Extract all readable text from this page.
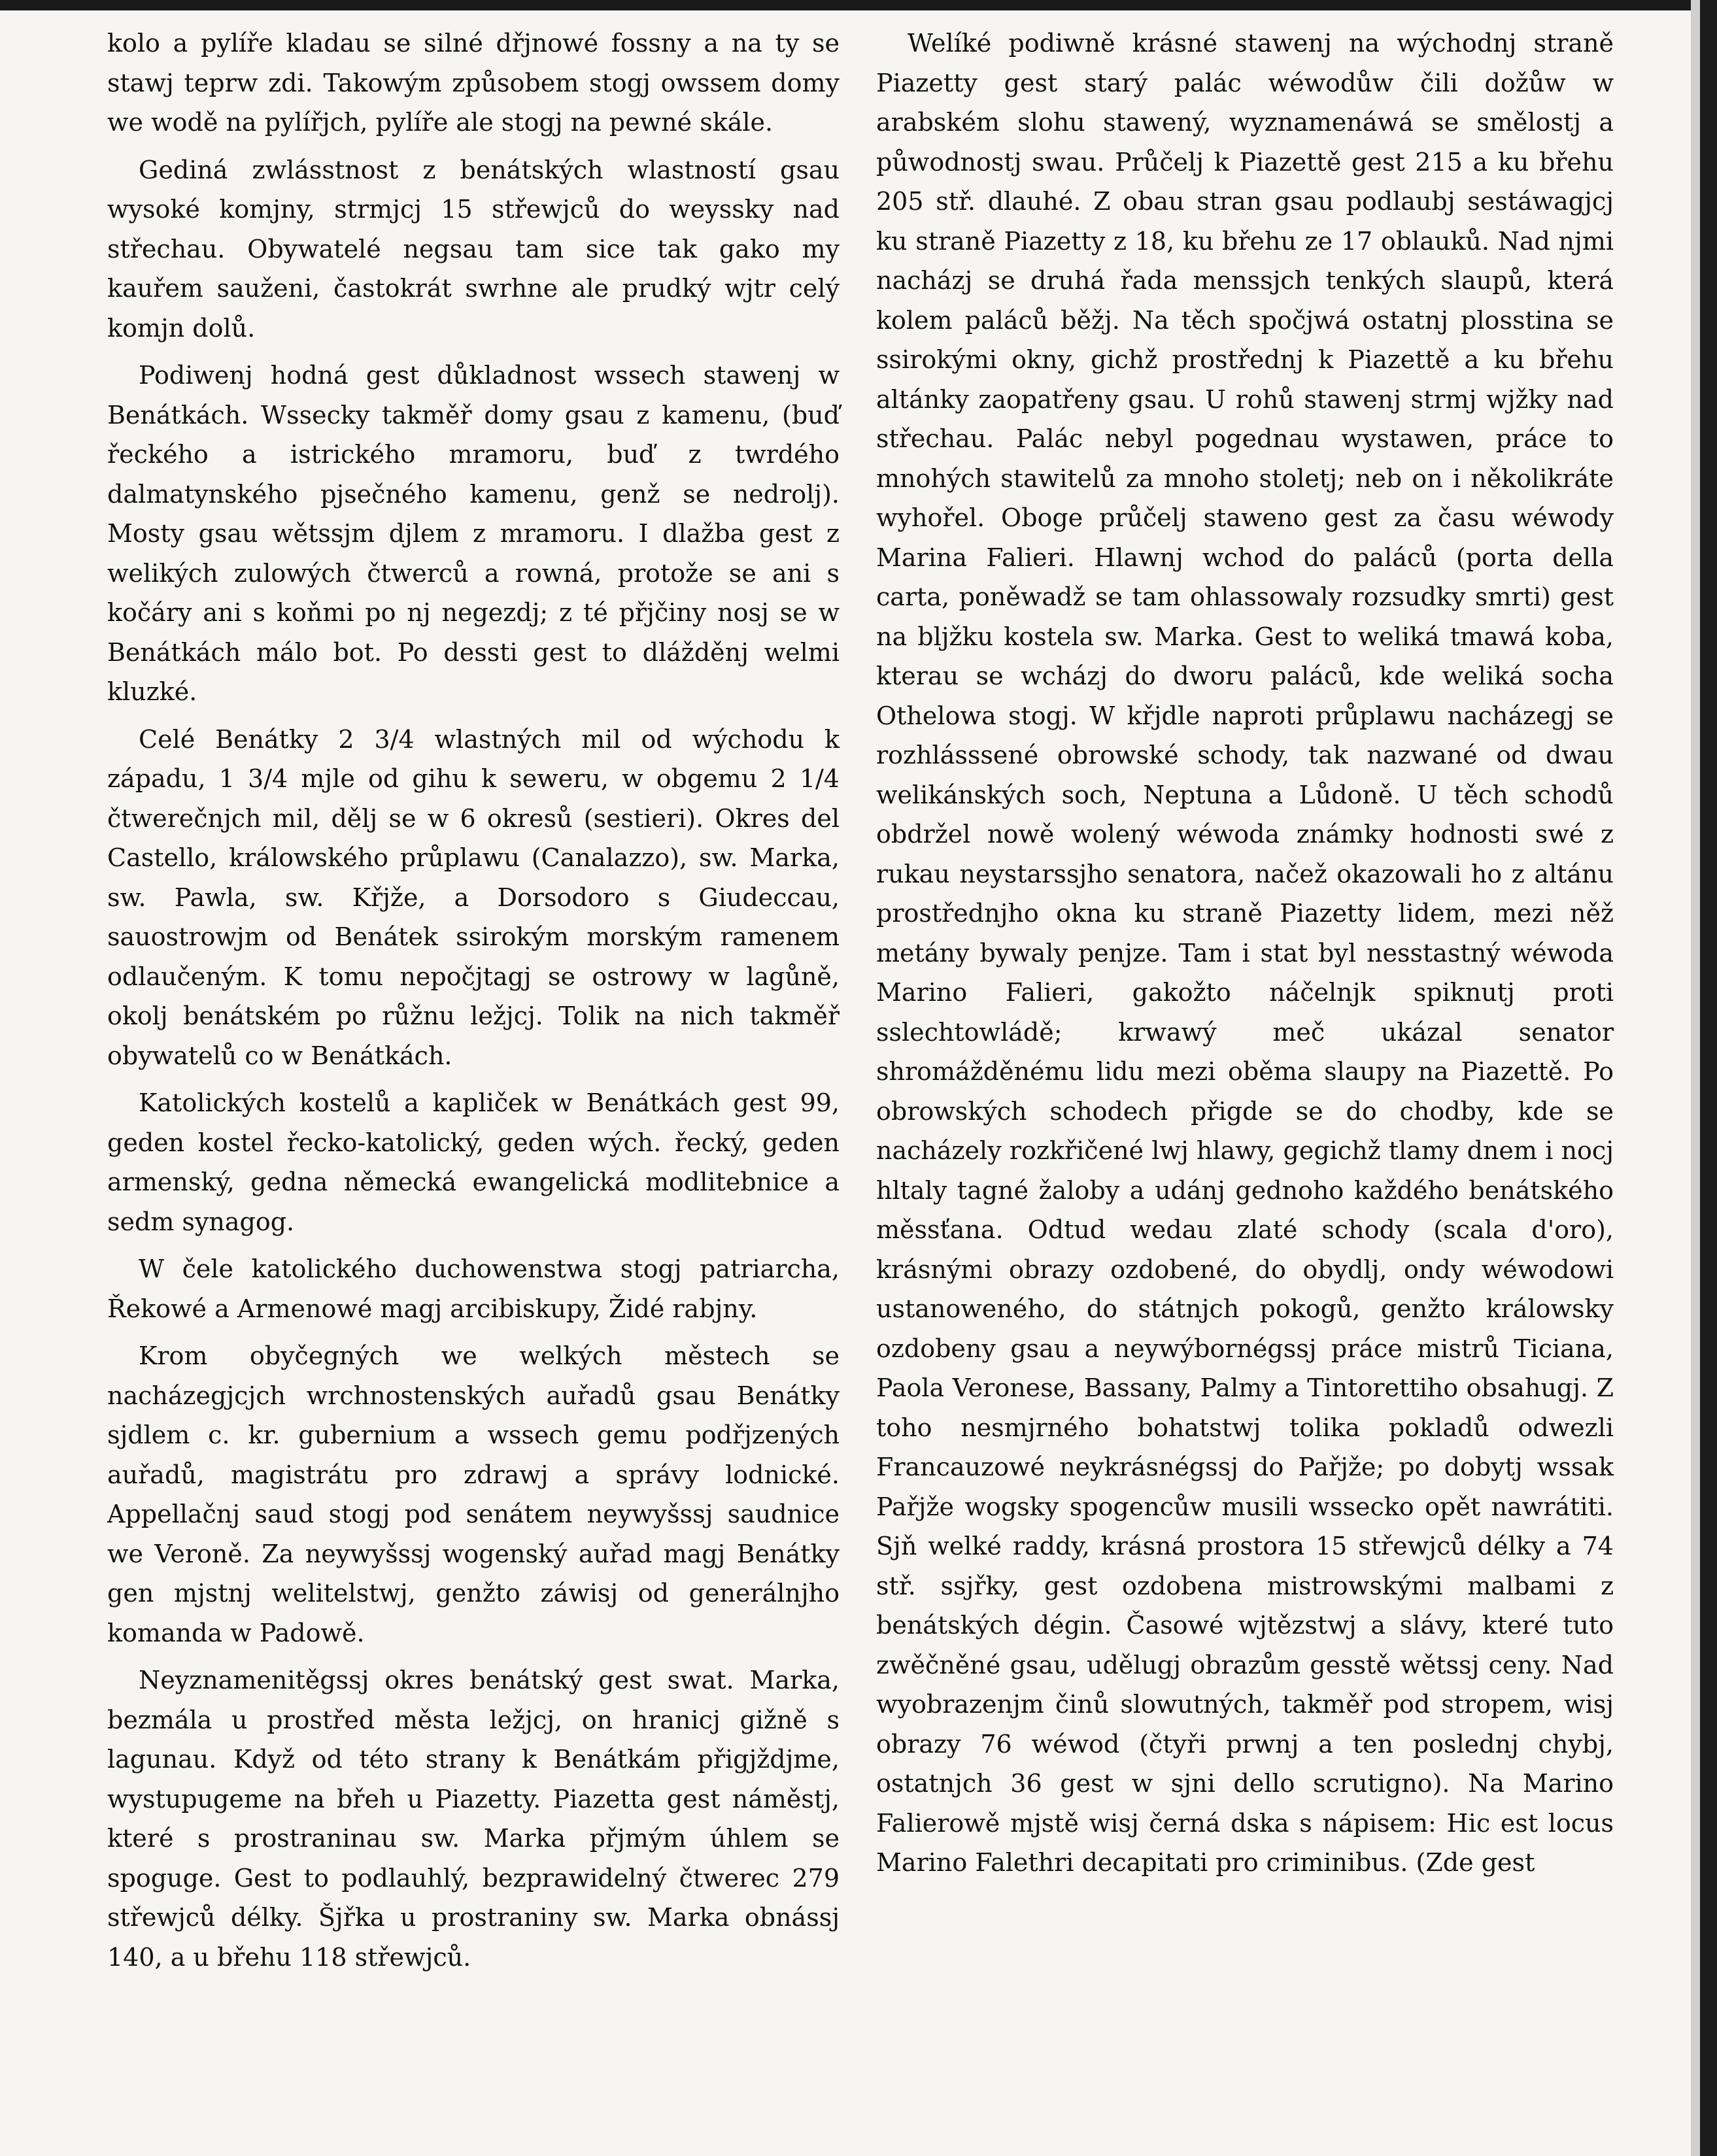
kolo a pylíře kladau se silné dřjnowé fossny a na ty se stawj teprw zdi. Takowým způsobem stogj owssem domy we wodě na pylířjch, pylíře ale stogj na pewné skále.

Gediná zwlásstnost z benátských wlastností gsau wysoké komjny, strmjcj 15 střewjců do weyssky nad střechau. Obywatelé negsau tam sice tak gako my kauřem sauženi, častokrát swrhne ale prudký wjtr celý komjn dolů.

Podiwenj hodná gest důkladnost wssech stawenj w Benátkách. Wssecky takměř domy gsau z kamenu, (buď řeckého a istrického mramoru, buď z twrdého dalmatynského pjsečného kamenu, genž se nedrolj). Mosty gsau wětssjm djlem z mramoru. I dlažba gest z welikých zulowých čtwerců a rowná, protože se ani s kočáry ani s koňmi po nj negezdj; z té přjčiny nosj se w Benátkách málo bot. Po dessti gest to dlážděnj welmi kluzké.

Celé Benátky 2 3/4 wlastných mil od wýchodu k západu, 1 3/4 mjle od gihu k sewеru, w obgemu 2 1/4 čtwerečnjch mil, dělj se w 6 okresů (sestieri). Okres del Castello, králowského průplawu (Canalazzo), sw. Marka, sw. Pawla, sw. Křjže, a Dorsodoro s Giudeccau, sauostrowjm od Benátek ssirokým morským ramenem odlaučeným. K tomu nepočjtagj se ostrowy w lagůně, okolj benátském po růžnu ležjcj. Tolik na nich takměř obywatelů co w Benátkách.

Katolických kostelů a kapliček w Benátkách gest 99, geden kostel řecko-katolický, geden wých. řecký, geden armenský, gedna německá ewangelická modlitebnice a sedm synagog.

W čele katolického duchowenstwa stogj patriarcha, Řekowé a Armenowé magj arcibiskupy, Židé rabjny.

Krom obyčegných we welkých městech se nacházegjcjch wrchnostenských auřadů gsau Benátky sjdlem c. kr. gubernium a wssech gemu podřjzených auřadů, magistrátu pro zdrawj a správy lodnické. Appellačnj saud stogj pod senátem neywyšssj saudnice we Veroně. Za neywyšssj wogenský auřad magj Benátky gen mjstnj welitelstwj, genžto záwisj od generálnjho komanda w Padowě.

Neyznamenitěgssj okres benátský gest swat. Marka, bezmála u prostřed města ležjcj, on hranicj gižně s lagunau. Když od této strany k Benátkám přigjždjme, wystupugeme na břeh u Piazetty. Piazetta gest náměstj, které s prostraninau sw. Marka přjmým úhlem se spoguge. Gest to podlauhlý, bezprawidelný čtwerec 279 střewjců délky. Šjřka u prostraniny sw. Marka obnássj 140, a u břehu 118 střewjců.

Welíké podiwně krásné stawenj na wýchodnj straně Piazetty gest starý palác wéwodůw čili dožůw w arabském slohu stawený, wyznamenáwá se smělostj a půwodnostj swau. Průčelj k Piazettě gest 215 a ku břehu 205 stř. dlauhé. Z obau stran gsau podlaubj sestáwagjcj ku straně Piazetty z 18, ku břehu ze 17 oblauků. Nad njmi nacházj se druhá řada menssjch tenkých slaupů, která kolem paláců běžj. Na těch spočjwá ostatnj plosstina se ssirokými okny, gichž prostřednj k Piazettě a ku břehu altánky zaopatřeny gsau. U rohů stawenj strmj wjžky nad střechau. Palác nebyl pogednau wystawen, práce to mnohých stawitelů za mnoho stoletj; neb on i několikráte wyhořel. Oboge průčelj staweno gest za času wéwody Marina Falieri. Hlawnj wchod do paláců (porta della carta, poněwadž se tam ohlassowaly rozsudky smrti) gest na bljžku kostela sw. Marka. Gest to weliká tmawá koba, kterau se wcházj do dworu paláců, kde weliká socha Othelowa stogj. W křjdle naproti průplawu nacházegj se rozhlásssené obrowské schody, tak nazwané od dwau welikánských soch, Neptuna a Lůdoně. U těch schodů obdržel nowě wolený wéwoda známky hodnosti swé z rukau neystarssjho senatora, načež okazowali ho z altánu prostřednjho okna ku straně Piazetty lidem, mezi něž metány bywaly penjze. Tam i stat byl nesstastný wéwoda Marino Falieri, gakožto náčelnjk spiknutj proti sslechtowládě; krwawý meč ukázal senator shromážděnému lidu mezi oběma slaupy na Piazettě. Po obrowských schodech přigde se do chodby, kde se nacházely rozkřičené lwj hlawy, gegichž tlamy dnem i nocj hltaly tagné žaloby a udánj gednoho každého benátského měssťana. Odtud wedau zlaté schody (scala d'oro), krásnými obrazy ozdobené, do obydlj, ondy wéwodowi ustanoweného, do státnjch pokogů, genžto králowsky ozdobeny gsau a neywýbornégssj práce mistrů Ticiana, Paola Veronese, Bassany, Palmy a Tintorettiho obsahugj. Z toho nesmjrného bohatstwj tolika pokladů odwezli Francauzowé neykrásnégssj do Pařjže; po dobytj wssak Pařjže wogsky spogencůw musili wssecko opět nawrátiti. Sjň welké raddy, krásná prostora 15 střewjců délky a 74 stř. ssjřky, gest ozdobena mistrowskými malbami z benátských dégin. Časowé wjtězstwj a slávy, které tuto zwěčněné gsau, udělugj obrazům gesstě wětssj ceny. Nad wyobrazenjm činů slowutných, takměř pod stropem, wisj obrazy 76 wéwod (čtyři prwnj a ten poslednj chybj, ostatnjch 36 gest w sjni dello scrutigno). Na Marino Falierowě mjstě wisj černá dska s nápisem: Hic est locus Marino Falethri decapitati pro criminibus. (Zde gest
